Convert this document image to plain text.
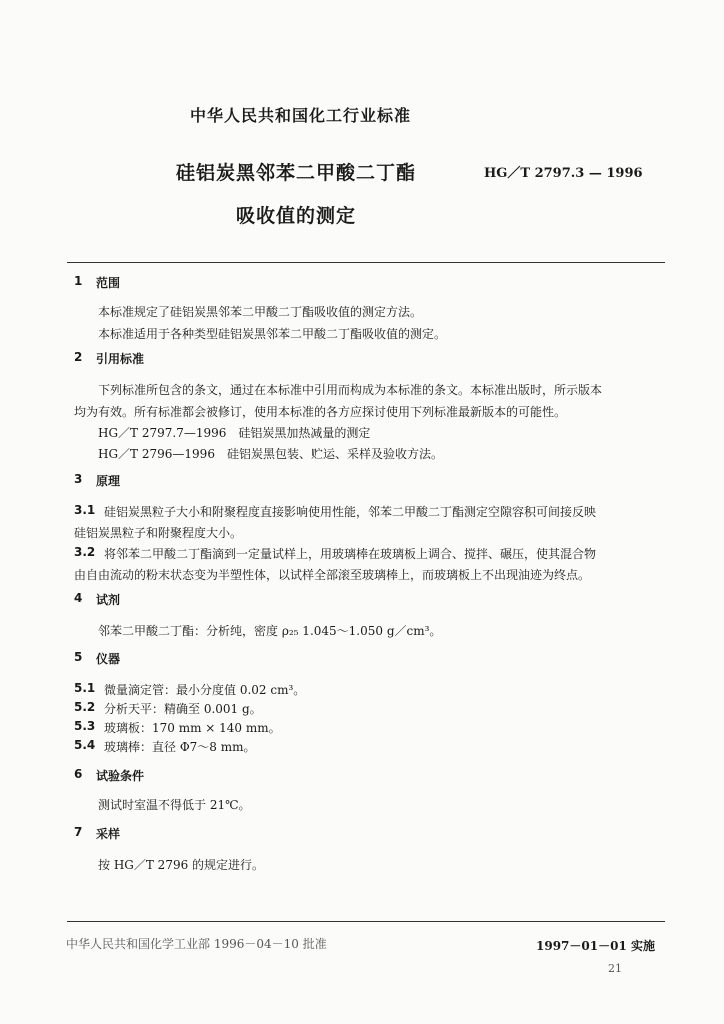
中华人民共和国化工行业标准
硅铝炭黑邻苯二甲酸二丁酯	HG／T 2797.3 — 1996
吸收值的测定
1 范围
本标准规定了硅铝炭黑邻苯二甲酸二丁酯吸收值的测定方法。
本标准适用于各种类型硅铝炭黑邻苯二甲酸二丁酯吸收值的测定。
2 引用标准
下列标准所包含的条文，通过在本标准中引用而构成为本标准的条文。本标准出版时，所示版本
均为有效。所有标准都会被修订，使用本标准的各方应探讨使用下列标准最新版本的可能性。
HG／T 2797.7—1996　硅铝炭黑加热减量的测定
HG／T 2796—1996　硅铝炭黑包装、贮运、采样及验收方法。
3 原理
3.1 硅铝炭黑粒子大小和附聚程度直接影响使用性能，邻苯二甲酸二丁酯测定空隙容积可间接反映
硅铝炭黑粒子和附聚程度大小。
3.2 将邻苯二甲酸二丁酯滴到一定量试样上，用玻璃棒在玻璃板上调合、搅拌、碾压，使其混合物
由自由流动的粉末状态变为半塑性体，以试样全部滚至玻璃棒上，而玻璃板上不出现油迹为终点。
4 试剂
邻苯二甲酸二丁酯：分析纯，密度 ρ₂₅ 1.045～1.050 g／cm³。
5 仪器
5.1 微量滴定管：最小分度值 0.02 cm³。
5.2 分析天平：精确至 0.001 g。
5.3 玻璃板：170 mm × 140 mm。
5.4 玻璃棒：直径 Φ7～8 mm。
6 试验条件
测试时室温不得低于 21℃。
7 采样
按 HG／T 2796 的规定进行。
中华人民共和国化学工业部 1996－04－10 批准	1997－01－01 实施
21
